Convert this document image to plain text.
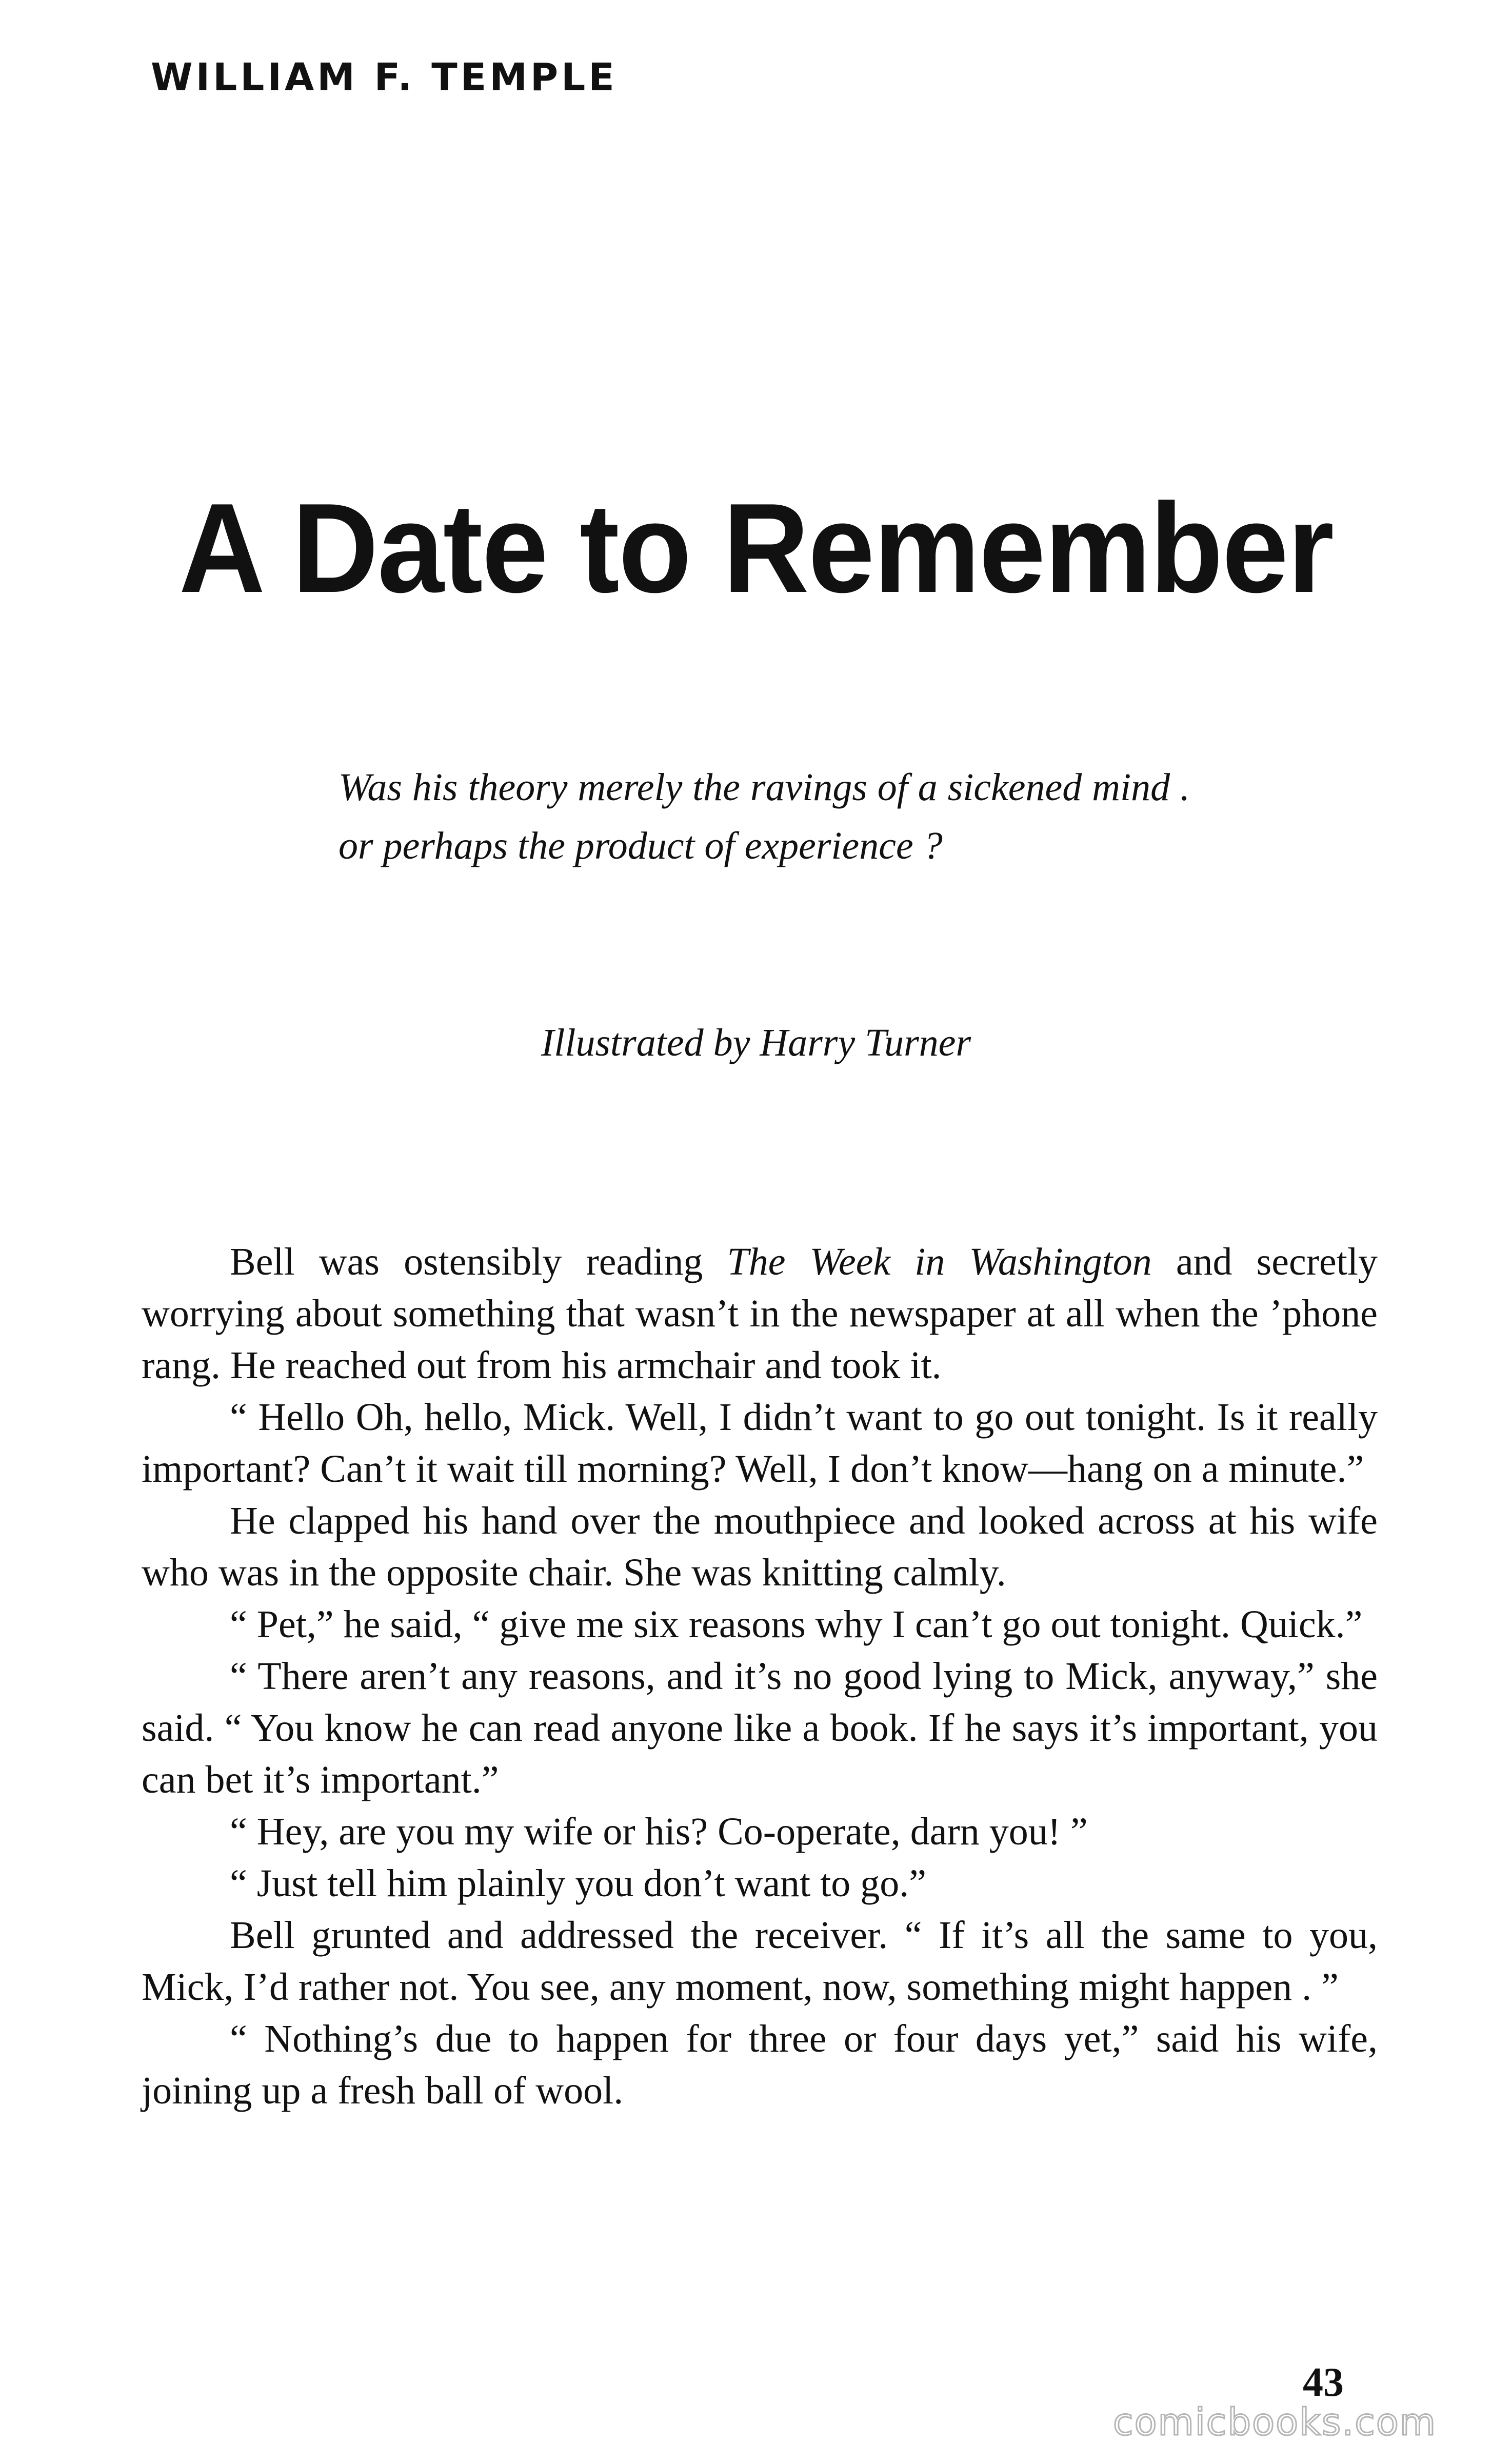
WILLIAM F. TEMPLE
A Date to Remember
Was his theory merely the ravings of a sickened mind . or perhaps the product of experience ?
Illustrated by Harry Turner

Bell was ostensibly reading The Week in Washington and secretly worrying about something that wasn’t in the newspaper at all when the ’phone rang. He reached out from his armchair and took it.

“ Hello Oh, hello, Mick. Well, I didn’t want to go out tonight. Is it really important? Can’t it wait till morning? Well, I don’t know—hang on a minute.”

He clapped his hand over the mouthpiece and looked across at his wife who was in the opposite chair. She was knitting calmly.

“ Pet,” he said, “ give me six reasons why I can’t go out tonight. Quick.”

“ There aren’t any reasons, and it’s no good lying to Mick, anyway,” she said. “ You know he can read anyone like a book. If he says it’s important, you can bet it’s important.”

“ Hey, are you my wife or his? Co-operate, darn you! ”

“ Just tell him plainly you don’t want to go.”

Bell grunted and addressed the receiver. “ If it’s all the same to you, Mick, I’d rather not. You see, any moment, now, something might happen . ”

“ Nothing’s due to happen for three or four days yet,” said his wife, joining up a fresh ball of wool.

43
comicbooks.com
